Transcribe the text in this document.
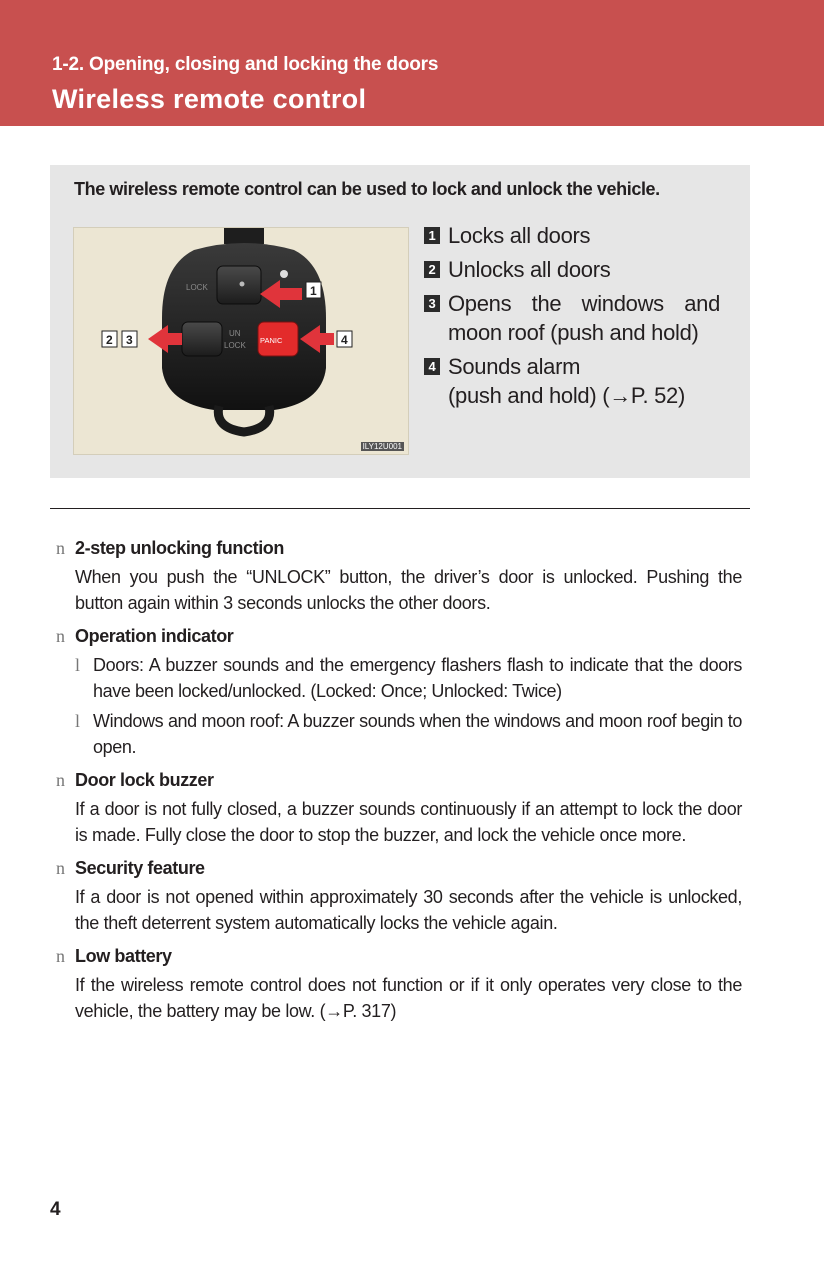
1-2. Opening, closing and locking the doors
Wireless remote control
The wireless remote control can be used to lock and unlock the vehicle.
LOCK
UN
LOCK
PANIC
1
2 3	4
ILY12U001
1 Locks all doors
2 Unlocks all doors
3 Opens the windows and
moon roof (push and hold)
4 Sounds alarm
(push and hold) (→P. 52)
n 2-step unlocking function
When you push the “UNLOCK” button, the driver’s door is unlocked. Pushing the button again within 3 seconds unlocks the other doors.
n Operation indicator
l Doors: A buzzer sounds and the emergency flashers flash to indicate that the doors have been locked/unlocked. (Locked: Once; Unlocked: Twice)
l Windows and moon roof: A buzzer sounds when the windows and moon roof begin to open.
n Door lock buzzer
If a door is not fully closed, a buzzer sounds continuously if an attempt to lock the door is made. Fully close the door to stop the buzzer, and lock the vehicle once more.
n Security feature
If a door is not opened within approximately 30 seconds after the vehicle is unlocked, the theft deterrent system automatically locks the vehicle again.
n Low battery
If the wireless remote control does not function or if it only operates very close to the vehicle, the battery may be low. (→P. 317)
4
